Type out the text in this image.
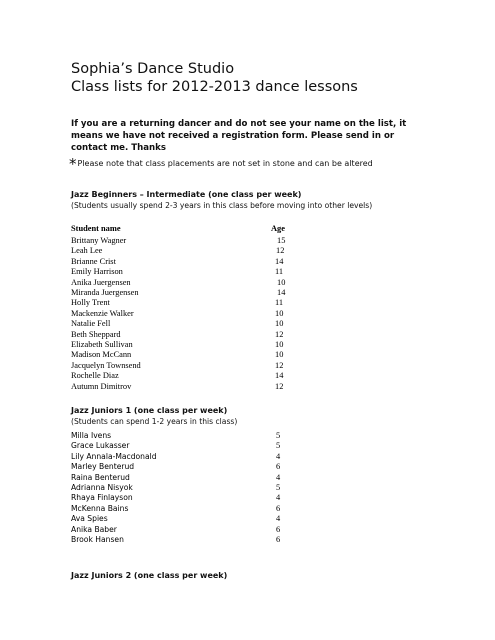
Sophia’s Dance Studio
Class lists for 2012-2013 dance lessons
If you are a returning dancer and do not see your name on the list, it
means we have not received a registration form. Please send in or
contact me. Thanks
*Please note that class placements are not set in stone and can be altered
Jazz Beginners – Intermediate (one class per week)
(Students usually spend 2-3 years in this class before moving into other levels)
Student name	Age
Brittany Wagner	15
Leah Lee	12
Brianne Crist	14
Emily Harrison	11
Anika Juergensen	10
Miranda Juergensen	14
Holly Trent	11
Mackenzie Walker	10
Natalie Fell	10
Beth Sheppard	12
Elizabeth Sullivan	10
Madison McCann	10
Jacquelyn Townsend	12
Rochelle Diaz	14
Autumn Dimitrov	12
Jazz Juniors 1 (one class per week)
(Students can spend 1-2 years in this class)
Milla Ivens	5
Grace Lukasser	5
Lily Annala-Macdonald	4
Marley Benterud	6
Raina Benterud	4
Adrianna Nisyok	5
Rhaya Finlayson	4
McKenna Bains	6
Ava Spies	4
Anika Baber	6
Brook Hansen	6
Jazz Juniors 2 (one class per week)
